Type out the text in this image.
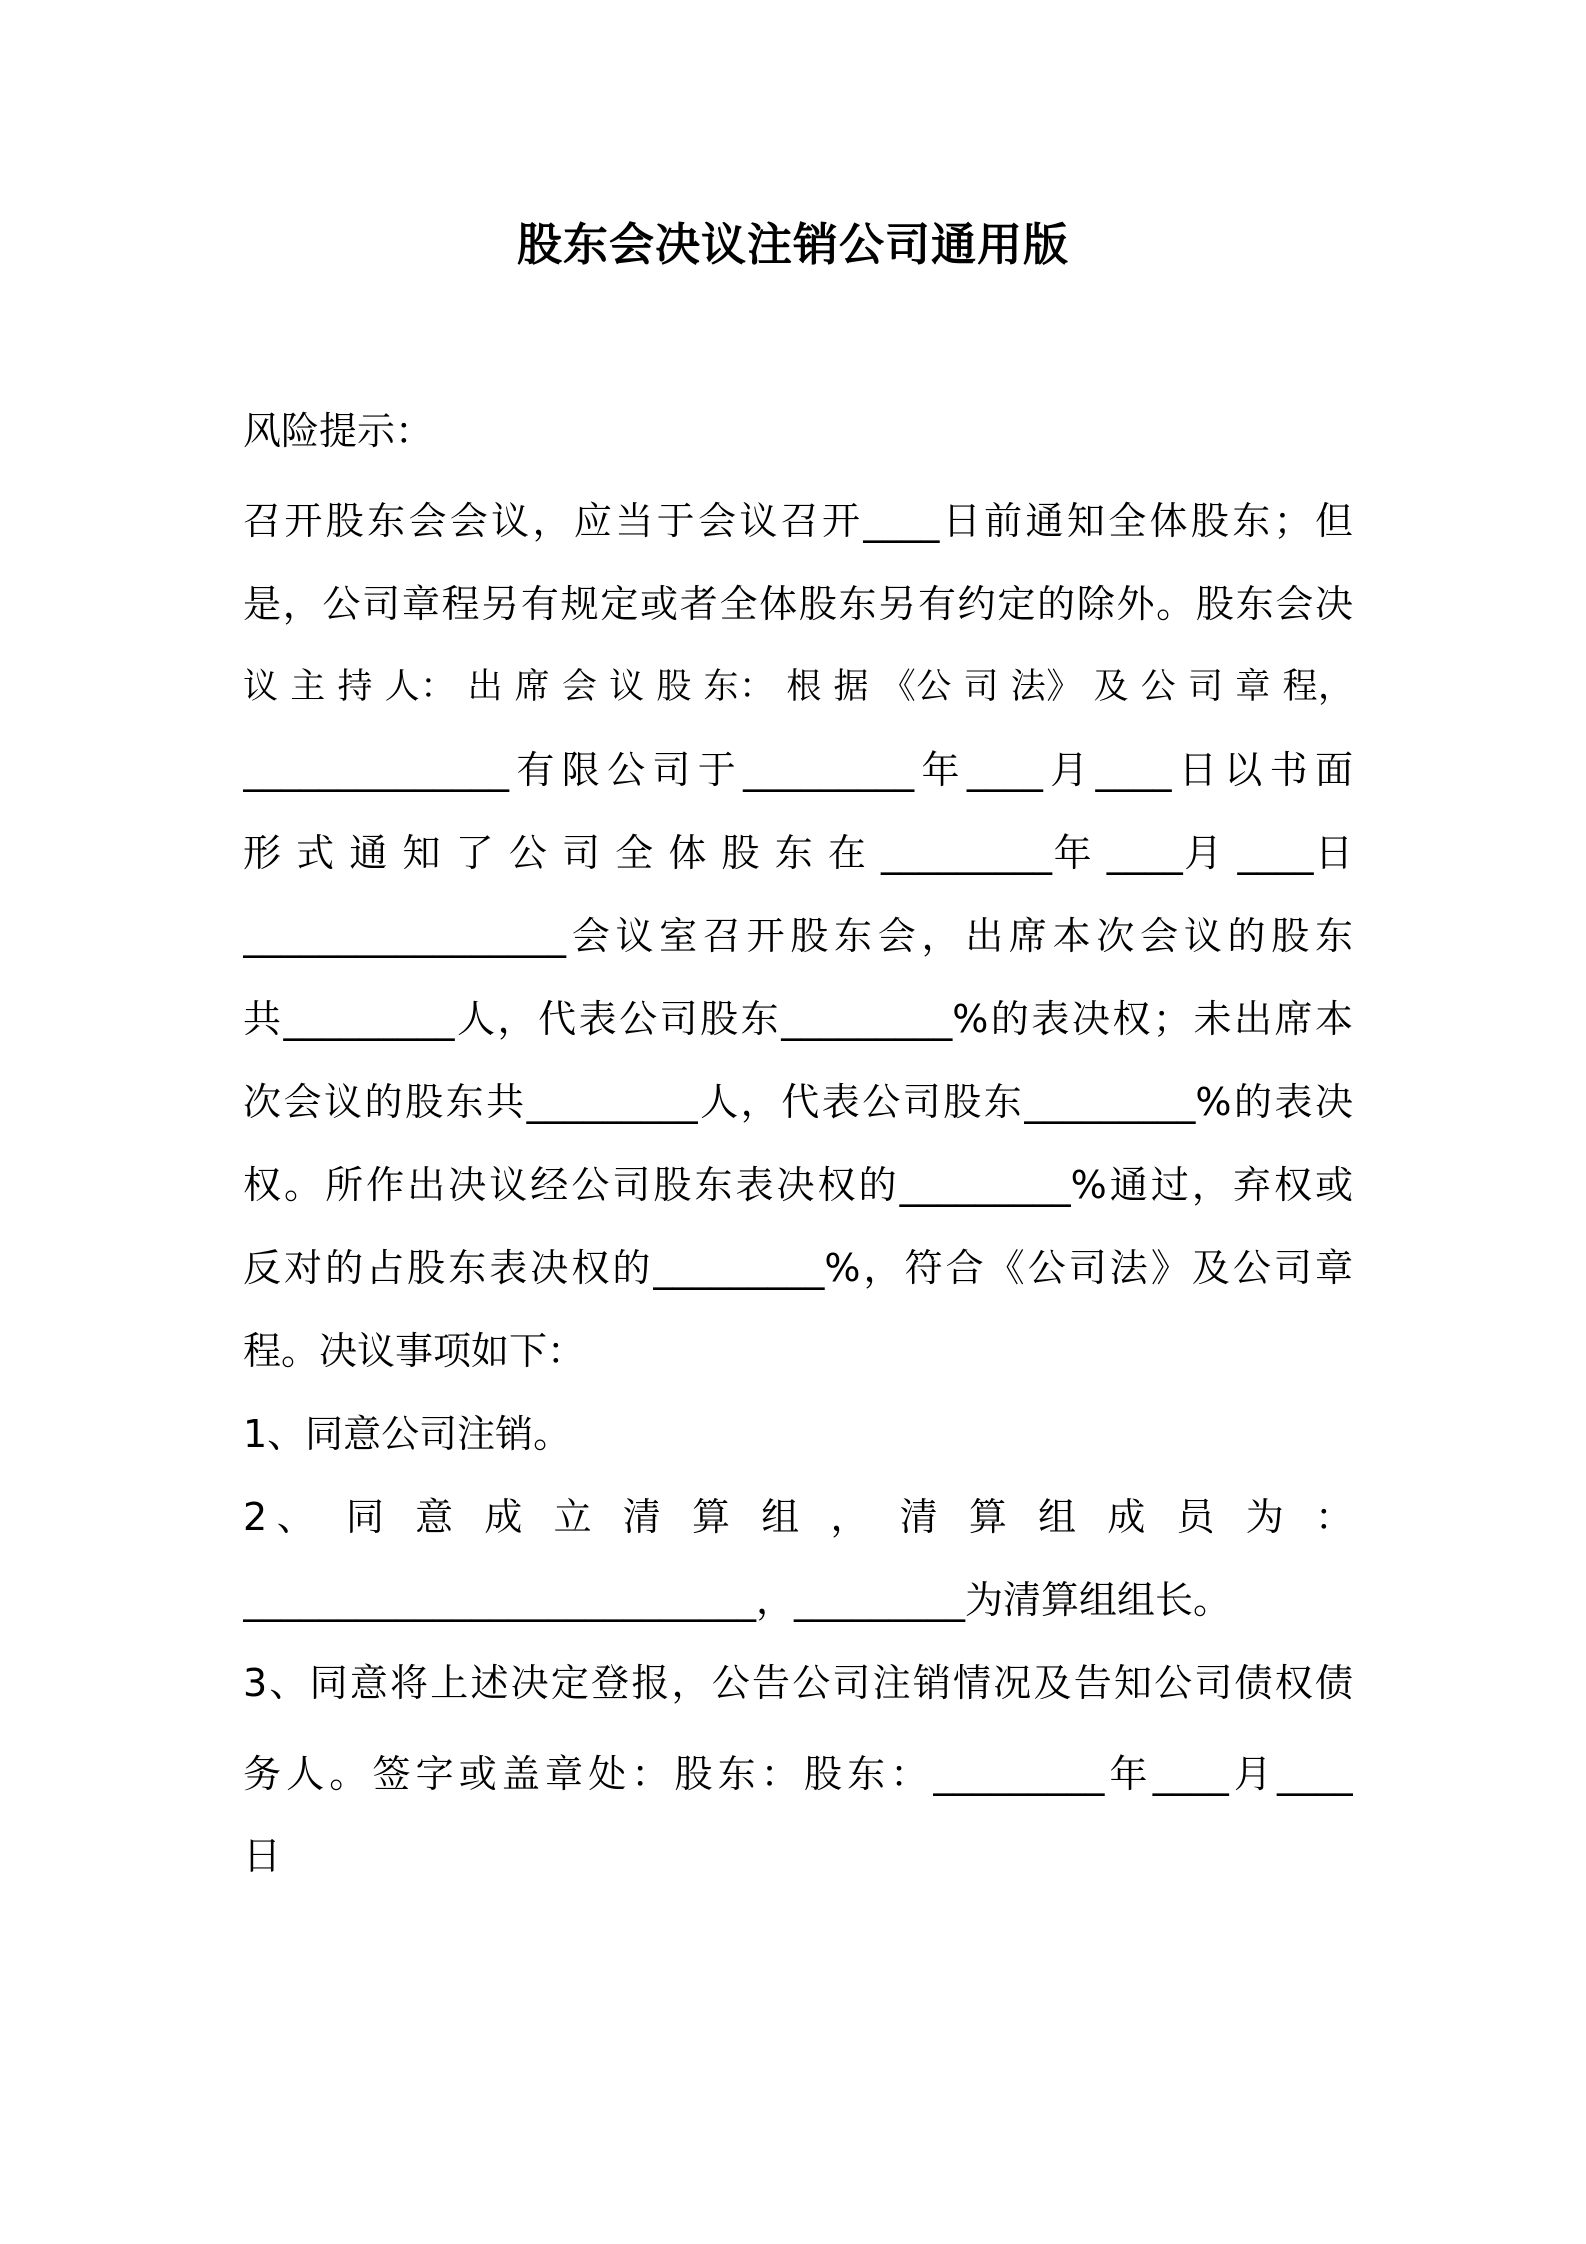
股东会决议注销公司通用版
风险提示：
召开股东会会议，应当于会议召开____日前通知全体股东；但
是，公司章程另有规定或者全体股东另有约定的除外。股东会决
议 主 持 人： 出 席 会 议 股 东： 根 据 《公 司 法》 及 公 司 章 程，
______________有限公司于_________年____月____日以书面
形 式 通 知 了 公 司 全 体 股 东 在 _________年 ____月 ____日
_________________会议室召开股东会，出席本次会议的股东
共_________人，代表公司股东_________%的表决权；未出席本
次会议的股东共_________人，代表公司股东_________%的表决
权。所作出决议经公司股东表决权的_________%通过，弃权或
反对的占股东表决权的_________%，符合《公司法》及公司章
程。决议事项如下：
1、同意公司注销。
2、 同 意 成 立 清 算 组 ， 清 算 组 成 员 为 ：
___________________________，_________为清算组组长。
3、同意将上述决定登报，公告公司注销情况及告知公司债权债
务人。签字或盖章处：股东：股东：_________年____月____
日
